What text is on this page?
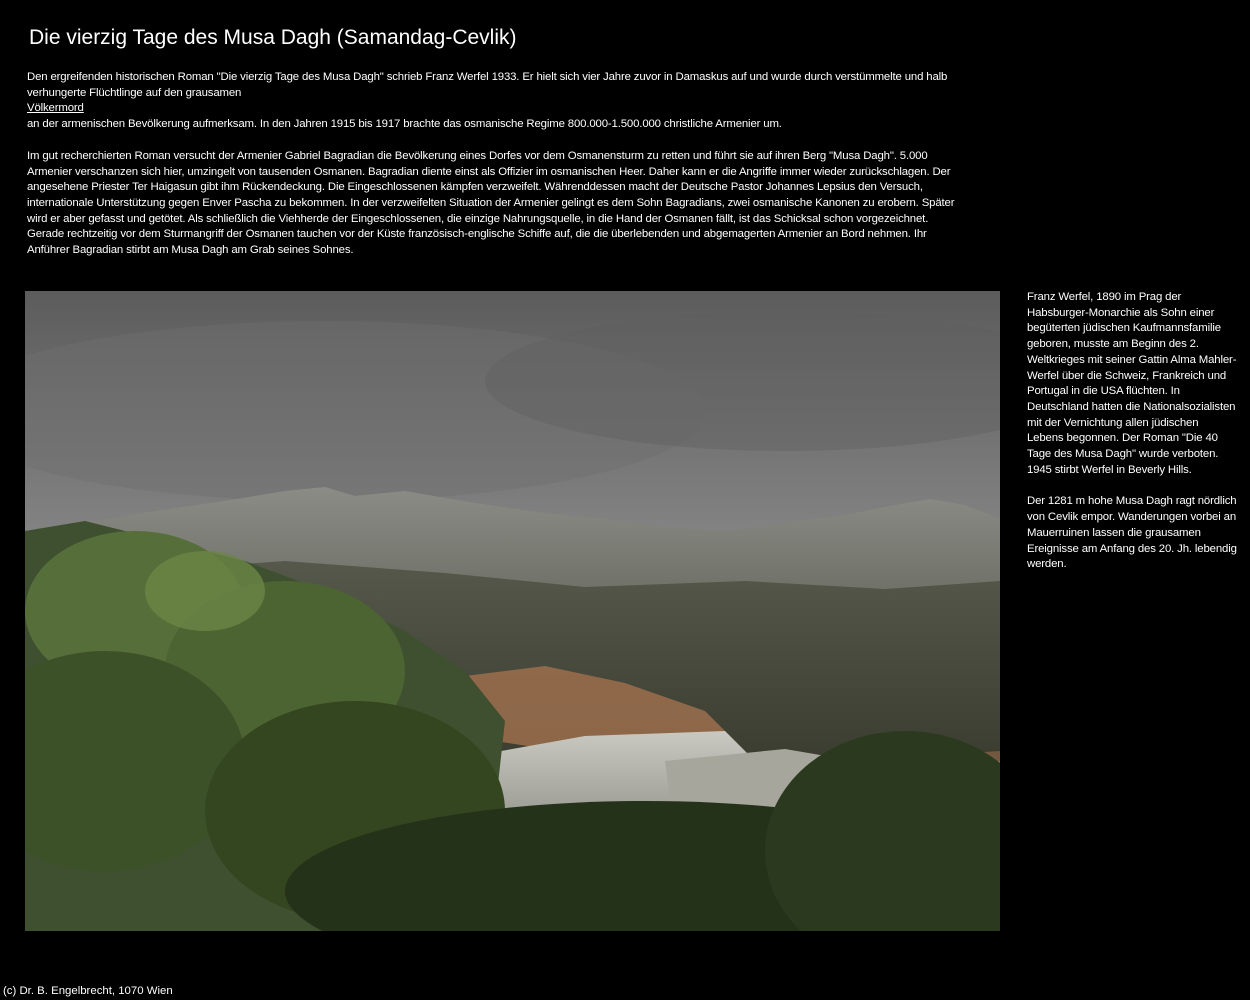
Die vierzig Tage des Musa Dagh (Samandag-Cevlik)

Den ergreifenden historischen Roman "Die vierzig Tage des Musa Dagh" schrieb Franz Werfel 1933. Er hielt sich vier Jahre zuvor in Damaskus auf und wurde durch verstümmelte und halb verhungerte Flüchtlinge auf den grausamen
Völkermord
an der armenischen Bevölkerung aufmerksam. In den Jahren 1915 bis 1917 brachte das osmanische Regime 800.000-1.500.000 christliche Armenier um.

Im gut recherchierten Roman versucht der Armenier Gabriel Bagradian die Bevölkerung eines Dorfes vor dem Osmanensturm zu retten und führt sie auf ihren Berg "Musa Dagh". 5.000 Armenier verschanzen sich hier, umzingelt von tausenden Osmanen. Bagradian diente einst als Offizier im osmanischen Heer. Daher kann er die Angriffe immer wieder zurückschlagen. Der angesehene Priester Ter Haigasun gibt ihm Rückendeckung. Die Eingeschlossenen kämpfen verzweifelt. Währenddessen macht der Deutsche Pastor Johannes Lepsius den Versuch, internationale Unterstützung gegen Enver Pascha zu bekommen. In der verzweifelten Situation der Armenier gelingt es dem Sohn Bagradians, zwei osmanische Kanonen zu erobern. Später wird er aber gefasst und getötet. Als schließlich die Viehherde der Eingeschlossenen, die einzige Nahrungsquelle, in die Hand der Osmanen fällt, ist das Schicksal schon vorgezeichnet. Gerade rechtzeitig vor dem Sturmangriff der Osmanen tauchen vor der Küste französisch-englische Schiffe auf, die die überlebenden und abgemagerten Armenier an Bord nehmen. Ihr Anführer Bagradian stirbt am Musa Dagh am Grab seines Sohnes.

Franz Werfel, 1890 im Prag der Habsburger-Monarchie als Sohn einer begüterten jüdischen Kaufmannsfamilie geboren, musste am Beginn des 2. Weltkrieges mit seiner Gattin Alma Mahler-Werfel über die Schweiz, Frankreich und Portugal in die USA flüchten. In Deutschland hatten die Nationalsozialisten mit der Vernichtung allen jüdischen Lebens begonnen. Der Roman "Die 40 Tage des Musa Dagh" wurde verboten. 1945 stirbt Werfel in Beverly Hills.

Der 1281 m hohe Musa Dagh ragt nördlich von Cevlik empor. Wanderungen vorbei an Mauerruinen lassen die grausamen Ereignisse am Anfang des 20. Jh. lebendig werden.

(c) Dr. B. Engelbrecht, 1070 Wien
